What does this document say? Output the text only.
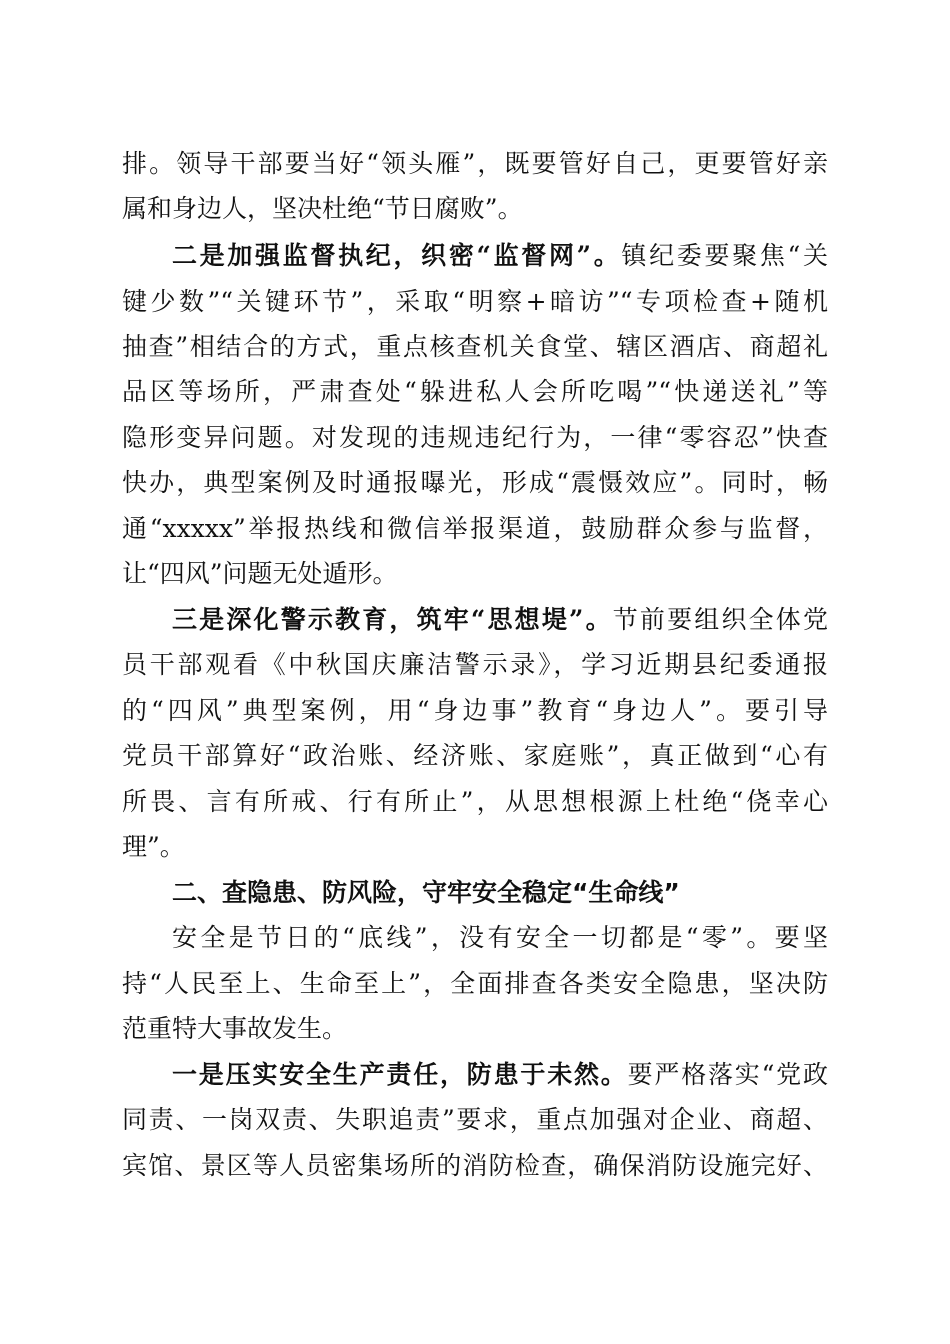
排。领导干部要当好“领头雁”，既要管好自己，更要管好亲

属和身边人，坚决杜绝“节日腐败”。

二是加强监督执纪，织密“监督网”。镇纪委要聚焦“关

键少数”“关键环节”，采取“明察+暗访”“专项检查+随机

抽查”相结合的方式，重点核查机关食堂、辖区酒店、商超礼

品区等场所，严肃查处“躲进私人会所吃喝”“快递送礼”等

隐形变异问题。对发现的违规违纪行为，一律“零容忍”快查

快办，典型案例及时通报曝光，形成“震慑效应”。同时，畅

通“xxxxx”举报热线和微信举报渠道，鼓励群众参与监督，

让“四风”问题无处遁形。

三是深化警示教育，筑牢“思想堤”。节前要组织全体党

员干部观看《中秋国庆廉洁警示录》，学习近期县纪委通报

的“四风”典型案例，用“身边事”教育“身边人”。要引导

党员干部算好“政治账、经济账、家庭账”，真正做到“心有

所畏、言有所戒、行有所止”，从思想根源上杜绝“侥幸心

理”。

二、查隐患、防风险，守牢安全稳定“生命线”

安全是节日的“底线”，没有安全一切都是“零”。要坚

持“人民至上、生命至上”，全面排查各类安全隐患，坚决防

范重特大事故发生。

一是压实安全生产责任，防患于未然。要严格落实“党政

同责、一岗双责、失职追责”要求，重点加强对企业、商超、

宾馆、景区等人员密集场所的消防检查，确保消防设施完好、
